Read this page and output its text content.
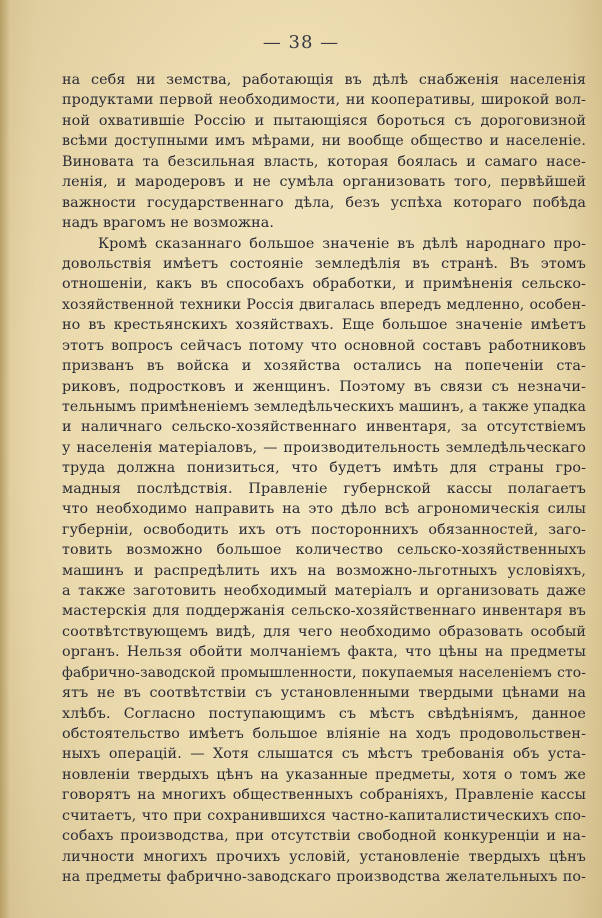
— 38 —
на себя ни земства, работающія въ дѣлѣ снабженія населенія
продуктами первой необходимости, ни кооперативы, широкой вол-
ной охватившіе Россію и пытающіяся бороться съ дороговизной
всѣми доступными имъ мѣрами, ни вообще общество и населеніе.
Виновата та безсильная власть, которая боялась и самаго насе-
ленія, и мародеровъ и не сумѣла организовать того, первѣйшей
важности государственнаго дѣла, безъ успѣха котораго побѣда
надъ врагомъ не возможна.
Кромѣ сказаннаго большое значеніе въ дѣлѣ народнаго про-
довольствія имѣетъ состояніе земледѣлія въ странѣ. Въ этомъ
отношеніи, какъ въ способахъ обработки, и примѣненія сельско-
хозяйственной техники Россія двигалась впередъ медленно, особен-
но въ крестьянскихъ хозяйствахъ. Еще большое значеніе имѣетъ
этотъ вопросъ сейчасъ потому что основной составъ работниковъ
призванъ въ войска и хозяйства остались на попеченіи ста-
риковъ, подростковъ и женщинъ. Поэтому въ связи съ незначи-
тельнымъ примѣненіемъ земледѣльческихъ машинъ, а также упадка
и наличнаго сельско-хозяйственнаго инвентаря, за отсутствіемъ
у населенія матеріаловъ, — производительность земледѣльческаго
труда должна понизиться, что будетъ имѣть для страны гро-
мадныя послѣдствія. Правленіе губернской кассы полагаетъ
что необходимо направить на это дѣло всѣ агрономическія силы
губерніи, освободить ихъ отъ постороннихъ обязанностей, заго-
товить возможно большое количество сельско-хозяйственныхъ
машинъ и распредѣлить ихъ на возможно-льготныхъ условіяхъ,
а также заготовить необходимый матеріалъ и организовать даже
мастерскія для поддержанія сельско-хозяйственнаго инвентаря въ
соотвѣтствующемъ видѣ, для чего необходимо образовать особый
органъ. Нельзя обойти молчаніемъ факта, что цѣны на предметы
фабрично-заводской промышленности, покупаемыя населеніемъ сто-
ятъ не въ соотвѣтствіи съ установленными твердыми цѣнами на
хлѣбъ. Согласно поступающимъ съ мѣстъ свѣдѣніямъ, данное
обстоятельство имѣетъ большое вліяніе на ходъ продовольствен-
ныхъ операцій. — Хотя слышатся съ мѣстъ требованія объ уста-
новленіи твердыхъ цѣнъ на указанные предметы, хотя о томъ же
говорятъ на многихъ общественныхъ собраніяхъ, Правленіе кассы
считаетъ, что при сохранившихся частно-капиталистическихъ спо-
собахъ производства, при отсутствіи свободной конкуренціи и на-
личности многихъ прочихъ условій, установленіе твердыхъ цѣнъ
на предметы фабрично-заводскаго производства желательныхъ по-
